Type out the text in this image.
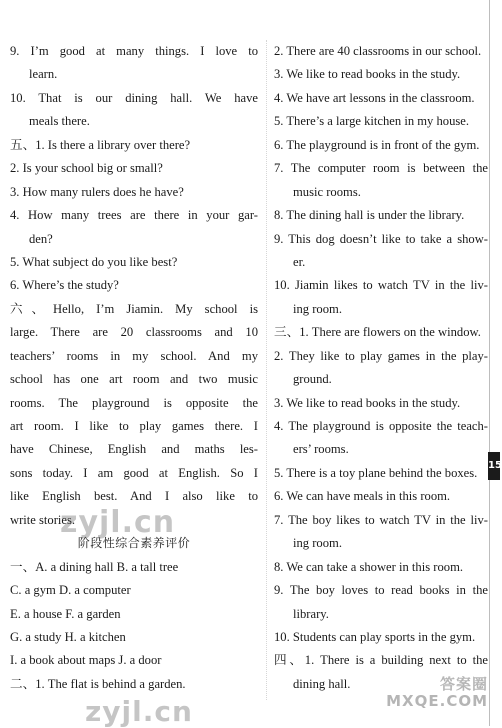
9. I’m good at many things. I love to
learn.
10. That is our dining hall. We have
meals there.
五、1. Is there a library over there?
2. Is your school big or small?
3. How many rulers does he have?
4. How many trees are there in your gar-
den?
5. What subject do you like best?
6. Where’s the study?
六、Hello, I’m Jiamin. My school is
large. There are 20 classrooms and 10
teachers’ rooms in my school. And my
school has one art room and two music
rooms. The playground is opposite the
art room. I like to play games there. I
have Chinese, English and maths les-
sons today. I am good at English. So I
like English best. And I also like to
write stories.
阶段性综合素养评价
一、A. a dining hall B. a tall tree
C. a gym D. a computer
E. a house F. a garden
G. a study H. a kitchen
I. a book about maps J. a door
二、1. The flat is behind a garden.
2. There are 40 classrooms in our school.
3. We like to read books in the study.
4. We have art lessons in the classroom.
5. There’s a large kitchen in my house.
6. The playground is in front of the gym.
7. The computer room is between the
music rooms.
8. The dining hall is under the library.
9. This dog doesn’t like to take a show-
er.
10. Jiamin likes to watch TV in the liv-
ing room.
三、1. There are flowers on the window.
2. They like to play games in the play-
ground.
3. We like to read books in the study.
4. The playground is opposite the teach-
ers’ rooms.
5. There is a toy plane behind the boxes.
6. We can have meals in this room.
7. The boy likes to watch TV in the liv-
ing room.
8. We can take a shower in this room.
9. The boy loves to read books in the
library.
10. Students can play sports in the gym.
四、1. There is a building next to the
dining hall.
15
zyjl.cn
zyjl.cn
答案圈
MXQE.COM
